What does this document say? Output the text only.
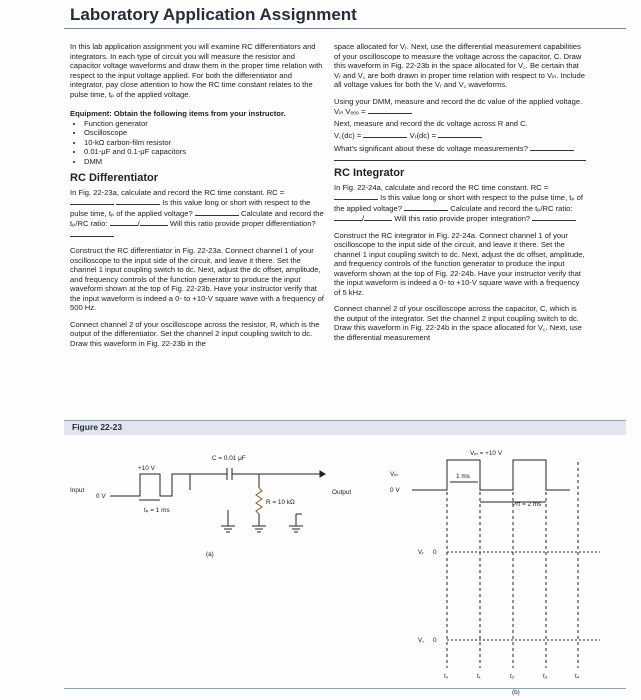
Laboratory Application Assignment

In this lab application assignment you will examine RC differentiators and integrators. In each type of circuit you will measure the resistor and capacitor voltage waveforms and draw them in the proper time relation with respect to the input voltage applied. For both the differentiator and integrator, pay close attention to how the RC time constant relates to the pulse time, tₚ of the applied voltage.

Equipment: Obtain the following items from your instructor.
• Function generator
• Oscilloscope
• 10-kΩ carbon-film resistor
• 0.01-μF and 0.1-μF capacitors
• DMM
RC Differentiator

In Fig. 22-23a, calculate and record the RC time constant. RC =   Is this value long or short with respect to the pulse time, tₚ of the applied voltage?	Calculate and record the tₚ/RC ratio:	/	Will this ratio provide proper differentiation?

Construct the RC differentiator in Fig. 22-23a. Connect channel 1 of your oscilloscope to the input side of the circuit, and leave it there. Set the channel 1 input coupling switch to dc. Next, adjust the dc offset, amplitude, and frequency controls of the function generator to produce the input waveform shown at the top of Fig. 22-23b. Have your instructor verify that the input waveform is indeed a 0- to +10-V square wave with a frequency of 500 Hz.

Connect channel 2 of your oscilloscope across the resistor, R, which is the output of the differentiator. Set the channel 2 input coupling switch to dc. Draw this waveform in Fig. 22-23b in the

space allocated for Vᵣ. Next, use the differential measurement capabilities of your oscilloscope to measure the voltage across the capacitor, C. Draw this waveform in Fig. 22-23b in the space allocated for V꜀. Be certain that Vᵣ and V꜀ are both drawn in proper time relation with respect to Vᵢₙ. Include all voltage values for both the Vᵣ and V꜀ waveforms.

Using your DMM, measure and record the dc value of the applied voltage. Vᵢₙ Vₑₒₒ =

Next, measure and record the dc voltage across R and C.

V꜀(dc) =	Vᵣ(dc) =

What's significant about these dc voltage measurements?

RC Integrator

In Fig. 22-24a, calculate and record the RC time constant. RC =  Is this value long or short with respect to the pulse time, tₚ of the applied voltage?	Calculate and record the tₚ/RC ratio: /	Will this ratio provide proper integration?

Construct the RC integrator in Fig. 22-24a. Connect channel 1 of your oscilloscope to the input side of the circuit, and leave it there. Set the channel 1 input coupling switch to dc. Next, adjust the dc offset, amplitude, and frequency controls of the function generator to produce the input waveform shown at the top of Fig. 22-24b. Have your instructor verify that the input waveform is indeed a 0- to +10-V square wave with a frequency of 5 kHz.

Connect channel 2 of your oscilloscope across the capacitor, C, which is the output of the integrator. Set the channel 2 input coupling switch to dc. Draw this waveform in Fig. 22-24b in the space allocated for V꜀. Next, use the differential measurement

Figure 22-23
C = 0.01 μF
Input
+10 V
0 V
tₚ = 1 ms
R = 10 kΩ
Output
(a)
Vᵢₙ
0 V
Vᵢₙ = +10 V
1 ms
Prt = 2 ms
Vᵣ 0
V꜀ 0
t₀	t₁	t₂	t₃	t₄
(b)
